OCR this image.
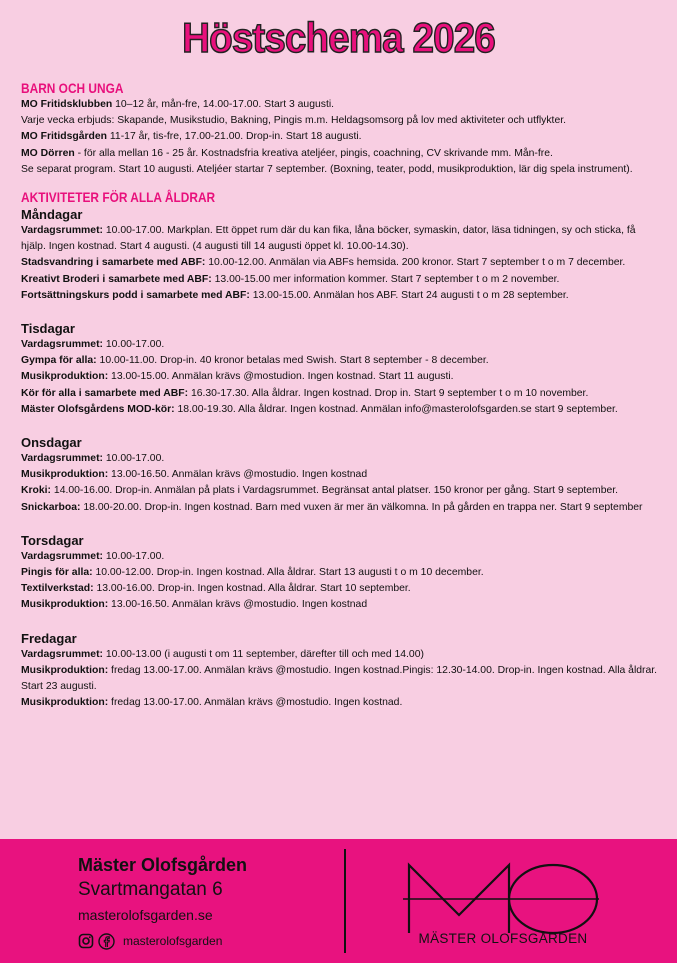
Höstschema 2026
BARN OCH UNGA
MO Fritidsklubben 10–12 år, mån-fre, 14.00-17.00. Start 3 augusti.
Varje vecka erbjuds: Skapande, Musikstudio, Bakning, Pingis m.m. Heldagsomsorg på lov med aktiviteter och utflykter.
MO Fritidsgården 11-17 år, tis-fre, 17.00-21.00. Drop-in. Start 18 augusti.
MO Dörren - för alla mellan 16 - 25 år. Kostnadsfria kreativa ateljéer, pingis, coachning, CV skrivande mm. Mån-fre.
Se separat program. Start 10 augusti. Ateljéer startar 7 september. (Boxning, teater, podd, musikproduktion, lär dig spela instrument).
AKTIVITETER FÖR ALLA ÅLDRAR
Måndagar
Vardagsrummet: 10.00-17.00. Markplan. Ett öppet rum där du kan fika, låna böcker, symaskin, dator, läsa tidningen, sy och sticka, få hjälp. Ingen kostnad. Start 4 augusti. (4 augusti till 14 augusti öppet kl. 10.00-14.30).
Stadsvandring i samarbete med ABF: 10.00-12.00. Anmälan via ABFs hemsida. 200 kronor. Start 7 september t o m 7 december.
Kreativt Broderi i samarbete med ABF: 13.00-15.00 mer information kommer. Start 7 september t o m 2 november.
Fortsättningskurs podd i samarbete med ABF: 13.00-15.00. Anmälan hos ABF. Start 24 augusti t o m 28 september.
Tisdagar
Vardagsrummet: 10.00-17.00.
Gympa för alla: 10.00-11.00. Drop-in. 40 kronor betalas med Swish. Start 8 september - 8 december.
Musikproduktion: 13.00-15.00. Anmälan krävs @mostudion. Ingen kostnad. Start 11 augusti.
Kör för alla i samarbete med ABF: 16.30-17.30. Alla åldrar. Ingen kostnad. Drop in. Start 9 september t o m 10 november.
Mäster Olofsgårdens MOD-kör: 18.00-19.30. Alla åldrar. Ingen kostnad. Anmälan info@masterolofsgarden.se start 9 september.
Onsdagar
Vardagsrummet: 10.00-17.00.
Musikproduktion: 13.00-16.50. Anmälan krävs @mostudio. Ingen kostnad
Kroki: 14.00-16.00. Drop-in. Anmälan på plats i Vardagsrummet. Begränsat antal platser. 150 kronor per gång. Start 9 september.
Snickarboa: 18.00-20.00. Drop-in. Ingen kostnad. Barn med vuxen är mer än välkomna. In på gården en trappa ner. Start 9 september
Torsdagar
Vardagsrummet: 10.00-17.00.
Pingis för alla: 10.00-12.00. Drop-in. Ingen kostnad. Alla åldrar. Start 13 augusti t o m 10 december.
Textilverkstad: 13.00-16.00. Drop-in. Ingen kostnad. Alla åldrar. Start 10 september.
Musikproduktion: 13.00-16.50. Anmälan krävs @mostudio. Ingen kostnad
Fredagar
Vardagsrummet: 10.00-13.00 (i augusti t om 11 september, därefter till och med 14.00)
Musikproduktion: fredag 13.00-17.00. Anmälan krävs @mostudio. Ingen kostnad.Pingis: 12.30-14.00. Drop-in. Ingen kostnad. Alla åldrar. Start 23 augusti.
Musikproduktion: fredag 13.00-17.00. Anmälan krävs @mostudio. Ingen kostnad.
Mäster Olofsgården
Svartmangatan 6
masterolofsgarden.se
masterolofsgarden	MÄSTER OLOFSGÅRDEN
